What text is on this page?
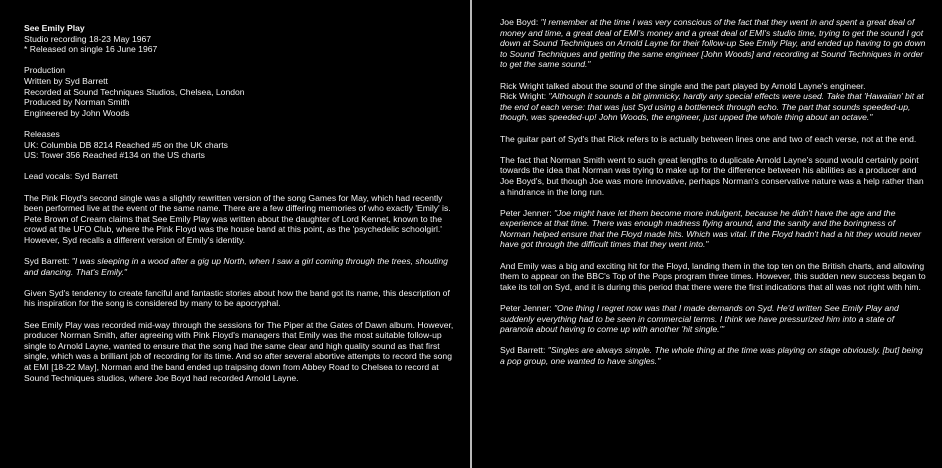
See Emily Play
Studio recording 18-23 May 1967
* Released on single 16 June 1967
Production
Written by Syd Barrett
Recorded at Sound Techniques Studios, Chelsea, London
Produced by Norman Smith
Engineered by John Woods
Releases
UK: Columbia DB 8214 Reached #5 on the UK charts
US: Tower 356 Reached #134 on the US charts

Lead vocals: Syd Barrett

The Pink Floyd's second single was a slightly rewritten version of the song Games for May, which had recently been performed live at the event of the same name. There are a few differing memories of who exactly 'Emily' is. Pete Brown of Cream claims that See Emily Play was written about the daughter of Lord Kennet, known to the crowd at the UFO Club, where the Pink Floyd was the house band at this point, as the 'psychedelic schoolgirl.' However, Syd recalls a different version of Emily's identity.

Syd Barrett: "I was sleeping in a wood after a gig up North, when I saw a girl coming through the trees, shouting and dancing. That's Emily."

Given Syd's tendency to create fanciful and fantastic stories about how the band got its name, this description of his inspiration for the song is considered by many to be apocryphal.

See Emily Play was recorded mid-way through the sessions for The Piper at the Gates of Dawn album. However, producer Norman Smith, after agreeing with Pink Floyd's managers that Emily was the most suitable follow-up single to Arnold Layne, wanted to ensure that the song had the same clear and high quality sound as that first single, which was a brilliant job of recording for its time. And so after several abortive attempts to record the song at EMI [18-22 May], Norman and the band ended up traipsing down from Abbey Road to Chelsea to record at Sound Techniques studios, where Joe Boyd had recorded Arnold Layne.

Joe Boyd: "I remember at the time I was very conscious of the fact that they went in and spent a great deal of money and time, a great deal of EMI's money and a great deal of EMI's studio time, trying to get the sound I got down at Sound Techniques on Arnold Layne for their follow-up See Emily Play, and ended up having to go down to Sound Techniques and getting the same engineer [John Woods] and recording at Sound Techniques in order to get the same sound."

Rick Wright talked about the sound of the single and the part played by Arnold Layne's engineer.
Rick Wright: "Although it sounds a bit gimmicky, hardly any special effects were used. Take that 'Hawaiian' bit at the end of each verse: that was just Syd using a bottleneck through echo. The part that sounds speeded-up, though, was speeded-up! John Woods, the engineer, just upped the whole thing about an octave."

The guitar part of Syd's that Rick refers to is actually between lines one and two of each verse, not at the end.

The fact that Norman Smith went to such great lengths to duplicate Arnold Layne's sound would certainly point towards the idea that Norman was trying to make up for the difference between his abilities as a producer and Joe Boyd's, but though Joe was more innovative, perhaps Norman's conservative nature was a help rather than a hindrance in the long run.

Peter Jenner: "Joe might have let them become more indulgent, because he didn't have the age and the experience at that time. There was enough madness flying around, and the sanity and the boringness of Norman helped ensure that the Floyd made hits. Which was vital. If the Floyd hadn't had a hit they would never have got through the difficult times that they went into."

And Emily was a big and exciting hit for the Floyd, landing them in the top ten on the British charts, and allowing them to appear on the BBC's Top of the Pops program three times. However, this sudden new success began to take its toll on Syd, and it is during this period that there were the first indications that all was not right with him.

Peter Jenner: "One thing I regret now was that I made demands on Syd. He'd written See Emily Play and suddenly everything had to be seen in commercial terms. I think we have pressurized him into a state of paranoia about having to come up with another 'hit single.'"

Syd Barrett: "Singles are always simple. The whole thing at the time was playing on stage obviously. [but] being a pop group, one wanted to have singles."
